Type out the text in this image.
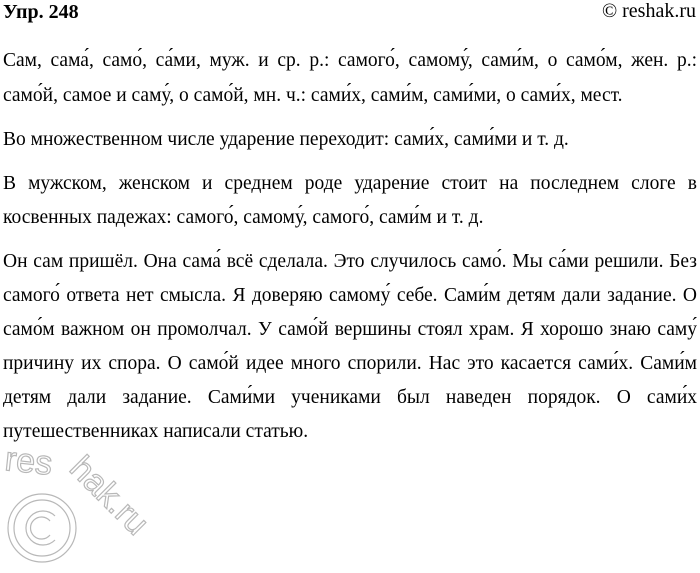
Упр. 248	© reshak.ru

Сам, сама́, само́, са́ми, муж. и ср. р.: самого́, самому́, сами́м, о само́м, жен. р.: само́й, самое и саму́, о само́й, мн. ч.: сами́х, сами́м, сами́ми, о сами́х, мест.

Во множественном числе ударение переходит: сами́х, сами́ми и т. д.

В мужском, женском и среднем роде ударение стоит на последнем слоге в косвенных падежах: самого́, самому́, самого́, сами́м и т. д.

Он сам пришёл. Она сама́ всё сделала. Это случилось само́. Мы са́ми решили. Без самого́ ответа нет смысла. Я доверяю самому́ себе. Сами́м детям дали задание. О само́м важном он промолчал. У само́й вершины стоял храм. Я хорошо знаю саму́ причину их спора. О само́й идее много спорили. Нас это касается сами́х. Сами́м детям дали задание. Сами́ми учениками был наведен порядок. О сами́х путешественниках написали статью.

res hak.ru
